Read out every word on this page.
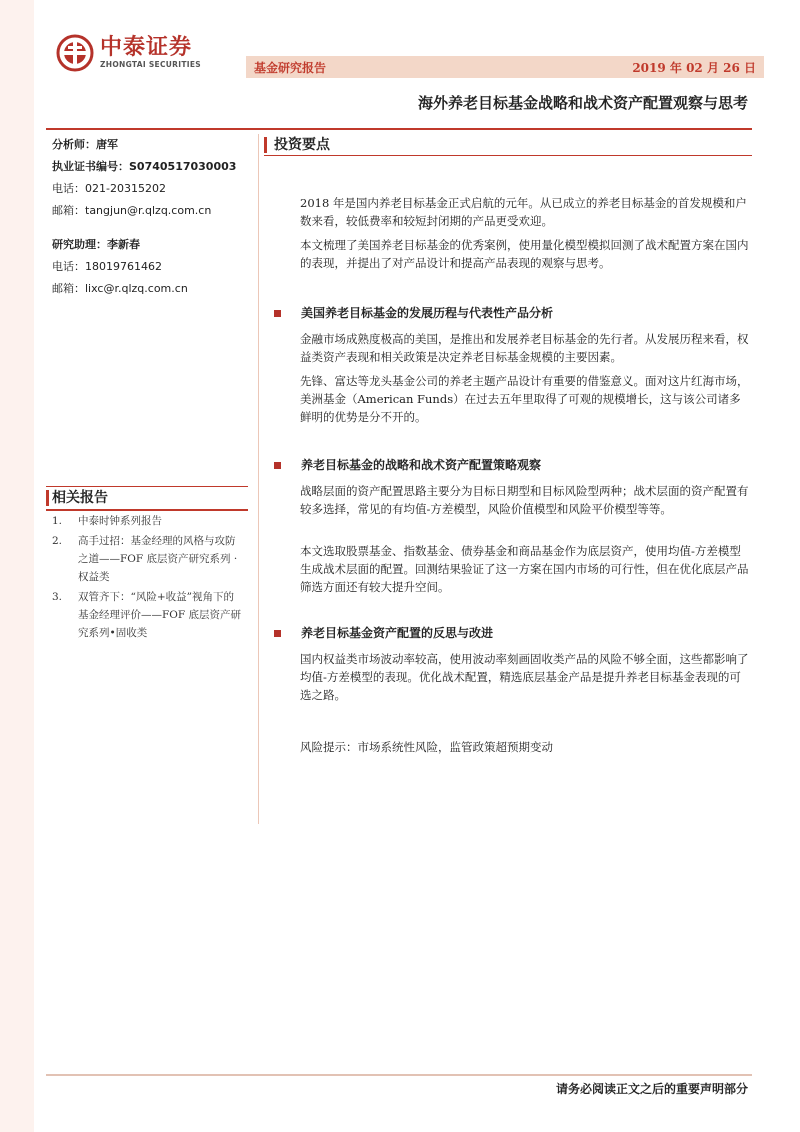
中泰证券
ZHONGTAI SECURITIES	基金研究报告	2019 年 02 月 26 日
海外养老目标基金战略和战术资产配置观察与思考
分析师：唐军
执业证书编号：S0740517030003
电话：021-20315202
邮箱：tangjun@r.qlzq.com.cn
研究助理：李新春
电话：18019761462
邮箱：lixc@r.qlzq.com.cn
相关报告
1.	中泰时钟系列报告
2.	高手过招：基金经理的风格与攻防之道——FOF 底层资产研究系列 · 权益类
3.	双管齐下：“风险+收益”视角下的基金经理评价——FOF 底层资产研究系列•固收类
投资要点
2018 年是国内养老目标基金正式启航的元年。从已成立的养老目标基金的首发规模和户数来看，较低费率和较短封闭期的产品更受欢迎。
本文梳理了美国养老目标基金的优秀案例，使用量化模型模拟回测了战术配置方案在国内的表现，并提出了对产品设计和提高产品表现的观察与思考。
美国养老目标基金的发展历程与代表性产品分析
金融市场成熟度极高的美国，是推出和发展养老目标基金的先行者。从发展历程来看，权益类资产表现和相关政策是决定养老目标基金规模的主要因素。
先锋、富达等龙头基金公司的养老主题产品设计有重要的借鉴意义。面对这片红海市场，美洲基金（American Funds）在过去五年里取得了可观的规模增长，这与该公司诸多鲜明的优势是分不开的。
养老目标基金的战略和战术资产配置策略观察
战略层面的资产配置思路主要分为目标日期型和目标风险型两种；战术层面的资产配置有较多选择，常见的有均值-方差模型，风险价值模型和风险平价模型等等。
本文选取股票基金、指数基金、债券基金和商品基金作为底层资产，使用均值-方差模型生成战术层面的配置。回测结果验证了这一方案在国内市场的可行性，但在优化底层产品筛选方面还有较大提升空间。
养老目标基金资产配置的反思与改进
国内权益类市场波动率较高，使用波动率刻画固收类产品的风险不够全面，这些都影响了均值-方差模型的表现。优化战术配置，精选底层基金产品是提升养老目标基金表现的可选之路。
风险提示：市场系统性风险，监管政策超预期变动
请务必阅读正文之后的重要声明部分
